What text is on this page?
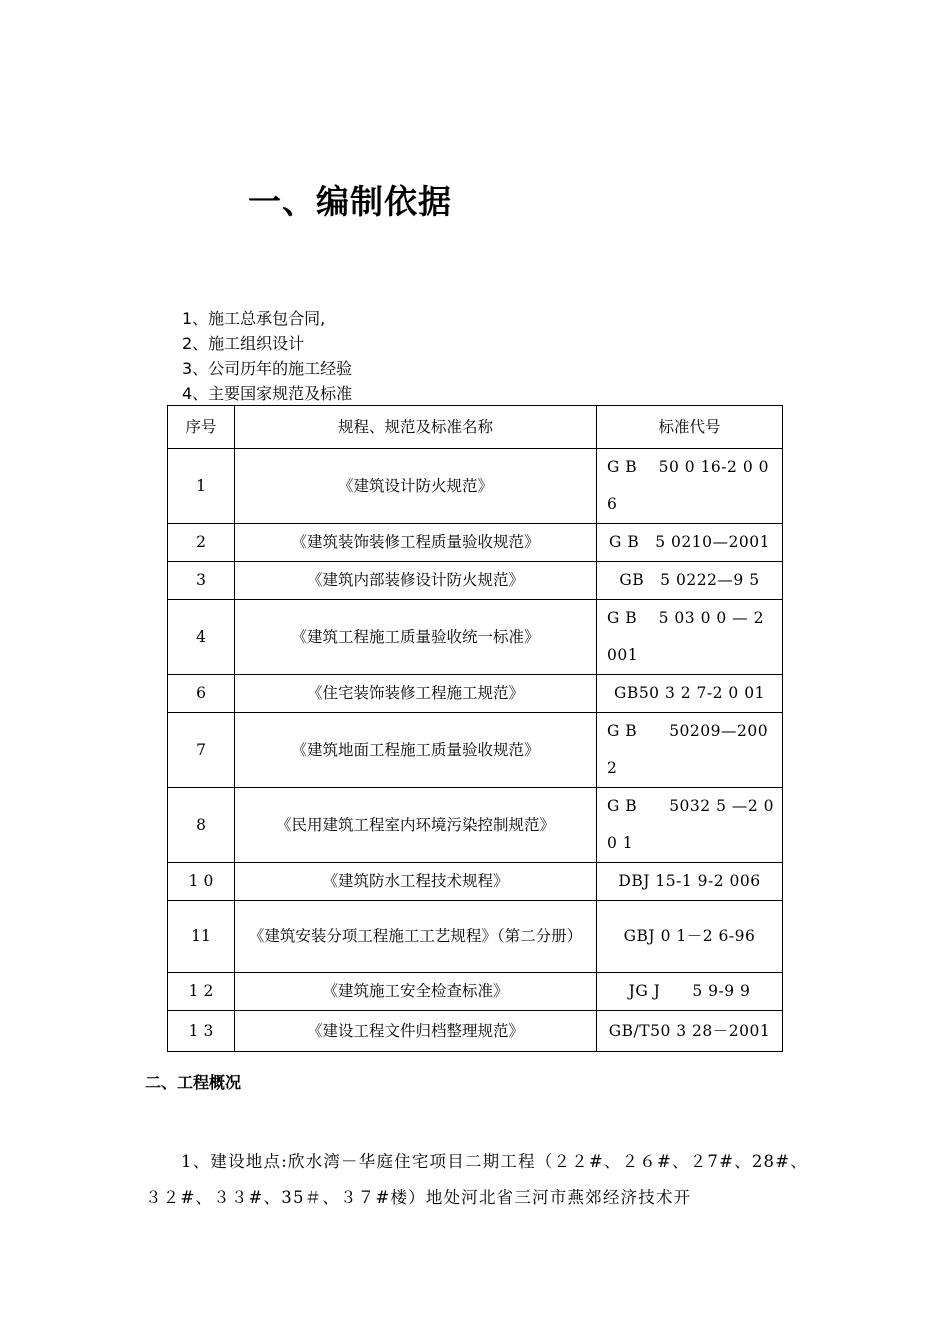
一、编制依据
1、施工总承包合同,
2、施工组织设计
3、公司历年的施工经验
4、主要国家规范及标准
序号	规程、规范及标准名称	标准代号
1	《建筑设计防火规范》	G B　 50 0 16-2 0 0 6
2	《建筑装饰装修工程质量验收规范》	G B　5 0210—2001
3	《建筑内部装修设计防火规范》	GB　5 0222—9 5
4	《建筑工程施工质量验收统一标准》	G B　 5 03 0 0 — 2 001
6	《住宅装饰装修工程施工规范》	GB50 3 2 7-2 0 01
7	《建筑地面工程施工质量验收规范》	G B　　50209—200 2
8	《民用建筑工程室内环境污染控制规范》	G B　　5032 5 —2 0 0 1
1 0	《建筑防水工程技术规程》	DBJ 15-1 9-2 006
11	《建筑安装分项工程施工工艺规程》（第二分册）	GBJ 0 1－2 6-96
1 2	《建筑施工安全检查标准》	JG J　　5 9-9 9
1 3	《建设工程文件归档整理规范》	GB/T50 3 28－2001
二、工程概况
1、建设地点:欣水湾－华庭住宅项目二期工程（２２#、２６#、２7#、28#、３２#、３３#、35＃、３７#楼）地处河北省三河市燕郊经济技术开
